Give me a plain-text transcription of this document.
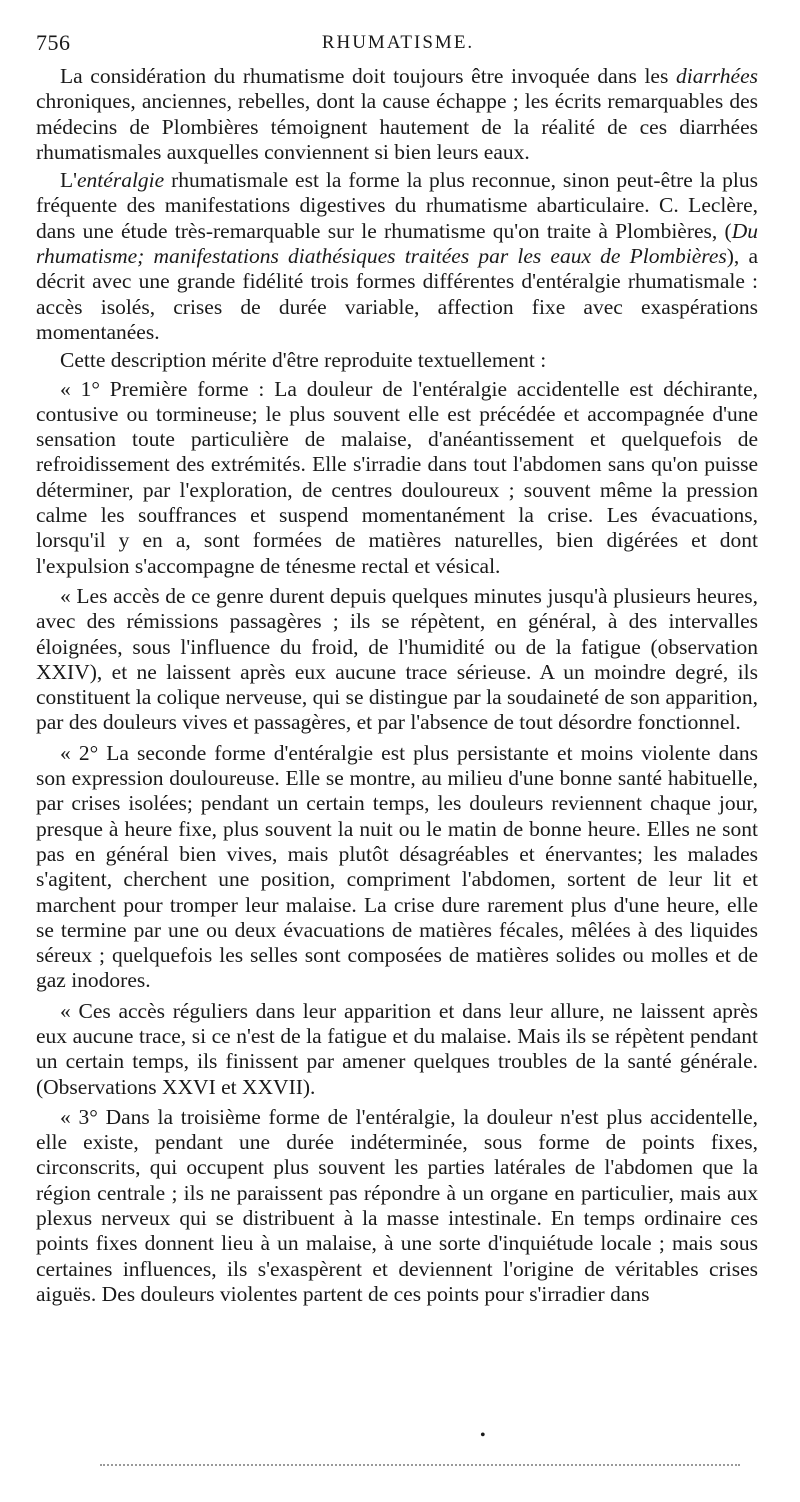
756	RHUMATISME.

La considération du rhumatisme doit toujours être invoquée dans les diarrhées chroniques, anciennes, rebelles, dont la cause échappe ; les écrits remarquables des médecins de Plombières témoignent hautement de la réalité de ces diarrhées rhumatismales auxquelles conviennent si bien leurs eaux.

L'entéralgie rhumatismale est la forme la plus reconnue, sinon peut-être la plus fréquente des manifestations digestives du rhumatisme abarticulaire. C. Leclère, dans une étude très-remarquable sur le rhumatisme qu'on traite à Plombières, (Du rhumatisme; manifestations diathésiques traitées par les eaux de Plombières), a décrit avec une grande fidélité trois formes différentes d'entéralgie rhumatismale : accès isolés, crises de durée variable, affection fixe avec exaspérations momentanées.

Cette description mérite d'être reproduite textuellement :

« 1° Première forme : La douleur de l'entéralgie accidentelle est déchirante, contusive ou tormineuse; le plus souvent elle est précédée et accompagnée d'une sensation toute particulière de malaise, d'anéantissement et quelquefois de refroidissement des extrémités. Elle s'irradie dans tout l'abdomen sans qu'on puisse déterminer, par l'exploration, de centres douloureux ; souvent même la pression calme les souffrances et suspend momentanément la crise. Les évacuations, lorsqu'il y en a, sont formées de matières naturelles, bien digérées et dont l'expulsion s'accompagne de ténesme rectal et vésical.

« Les accès de ce genre durent depuis quelques minutes jusqu'à plusieurs heures, avec des rémissions passagères ; ils se répètent, en général, à des intervalles éloignées, sous l'influence du froid, de l'humidité ou de la fatigue (observation XXIV), et ne laissent après eux aucune trace sérieuse. A un moindre degré, ils constituent la colique nerveuse, qui se distingue par la soudaineté de son apparition, par des douleurs vives et passagères, et par l'absence de tout désordre fonctionnel.

« 2° La seconde forme d'entéralgie est plus persistante et moins violente dans son expression douloureuse. Elle se montre, au milieu d'une bonne santé habituelle, par crises isolées; pendant un certain temps, les douleurs reviennent chaque jour, presque à heure fixe, plus souvent la nuit ou le matin de bonne heure. Elles ne sont pas en général bien vives, mais plutôt désagréables et énervantes; les malades s'agitent, cherchent une position, compriment l'abdomen, sortent de leur lit et marchent pour tromper leur malaise. La crise dure rarement plus d'une heure, elle se termine par une ou deux évacuations de matières fécales, mêlées à des liquides séreux ; quelquefois les selles sont composées de matières solides ou molles et de gaz inodores.

« Ces accès réguliers dans leur apparition et dans leur allure, ne laissent après eux aucune trace, si ce n'est de la fatigue et du malaise. Mais ils se répètent pendant un certain temps, ils finissent par amener quelques troubles de la santé générale. (Observations XXVI et XXVII).

« 3° Dans la troisième forme de l'entéralgie, la douleur n'est plus accidentelle, elle existe, pendant une durée indéterminée, sous forme de points fixes, circonscrits, qui occupent plus souvent les parties latérales de l'abdomen que la région centrale ; ils ne paraissent pas répondre à un organe en particulier, mais aux plexus nerveux qui se distribuent à la masse intestinale. En temps ordinaire ces points fixes donnent lieu à un malaise, à une sorte d'inquiétude locale ; mais sous certaines influences, ils s'exaspèrent et deviennent l'origine de véritables crises aiguës. Des douleurs violentes partent de ces points pour s'irradier dans

•
